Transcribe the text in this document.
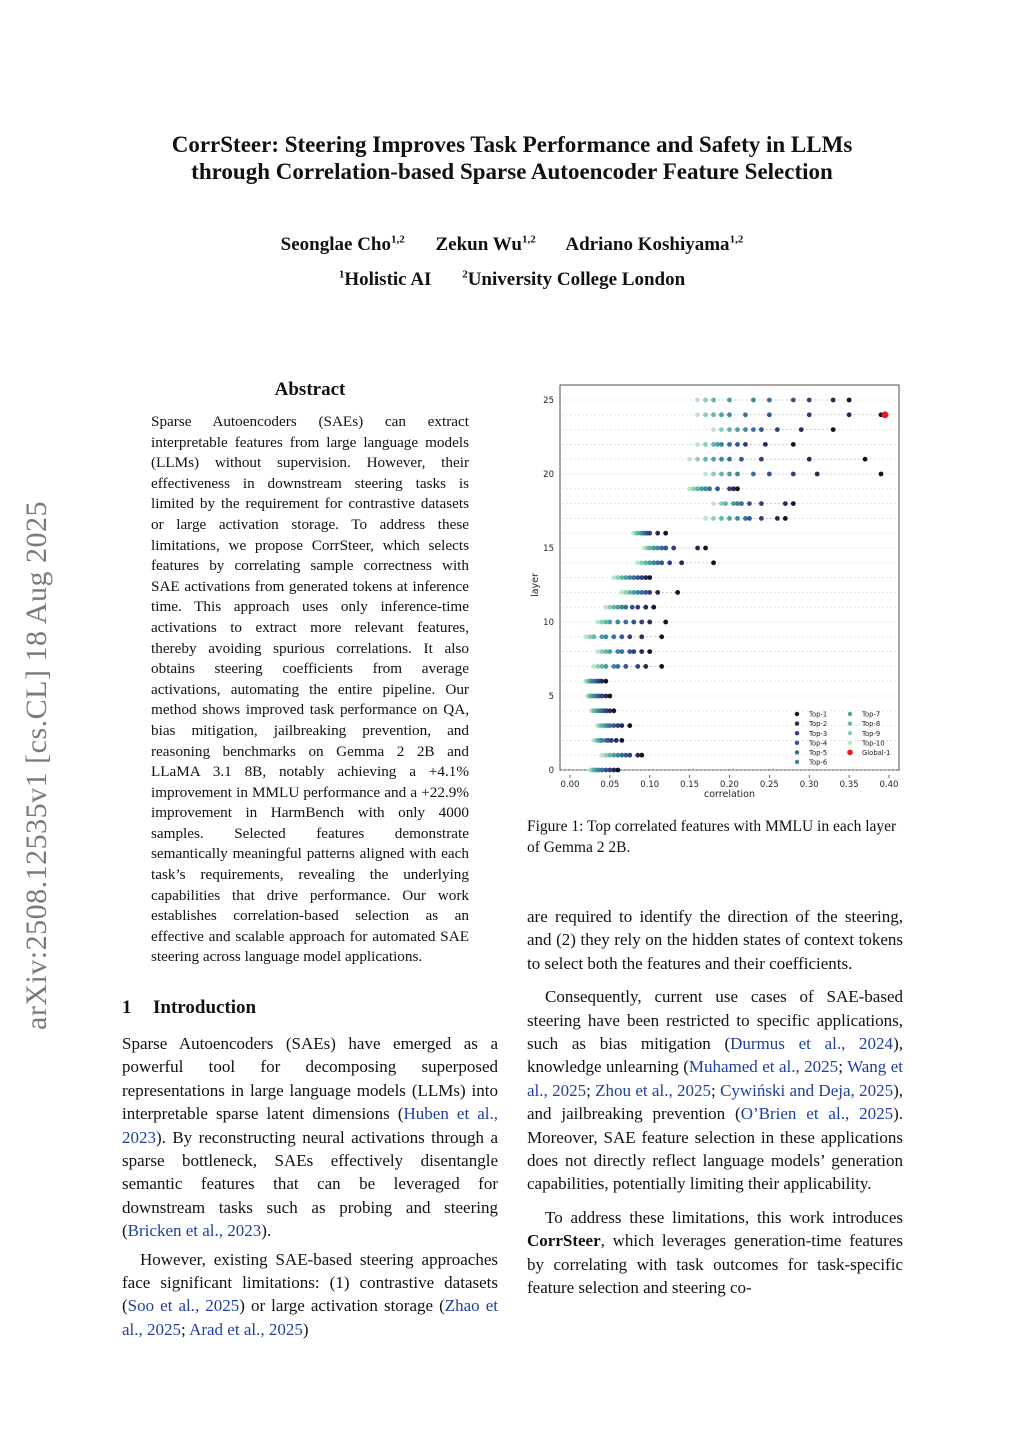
arXiv:2508.12535v1 [cs.CL] 18 Aug 2025
CorrSteer: Steering Improves Task Performance and Safety in LLMs
through Correlation-based Sparse Autoencoder Feature Selection
Seonglae Cho$^{1,2}$ Zekun Wu$^{1,2}$ Adriano Koshiyama$^{1,2}$
$^1$Holistic AI	$^2$University College London
Abstract
Sparse Autoencoders (SAEs) can extract interpretable features from large language models (LLMs) without supervision. However, their effectiveness in downstream steering tasks is limited by the requirement for contrastive datasets or large activation storage. To address these limitations, we propose CorrSteer, which selects features by correlating sample correctness with SAE activations from generated tokens at inference time. This approach uses only inference-time activations to extract more relevant features, thereby avoiding spurious correlations. It also obtains steering coefficients from average activations, automating the entire pipeline. Our method shows improved task performance on QA, bias mitigation, jailbreaking prevention, and reasoning benchmarks on Gemma 2 2B and LLaMA 3.1 8B, notably achieving a +4.1% improvement in MMLU performance and a +22.9% improvement in HarmBench with only 4000 samples. Selected features demonstrate semantically meaningful patterns aligned with each task’s requirements, revealing the underlying capabilities that drive performance. Our work establishes correlation-based selection as an effective and scalable approach for automated SAE steering across language model applications.
1 Introduction

Sparse Autoencoders (SAEs) have emerged as a powerful tool for decomposing superposed representations in large language models (LLMs) into interpretable sparse latent dimensions (Huben et al., 2023). By reconstructing neural activations through a sparse bottleneck, SAEs effectively disentangle semantic features that can be leveraged for downstream tasks such as probing and steering (Bricken et al., 2023).

However, existing SAE-based steering approaches face significant limitations: (1) contrastive datasets (Soo et al., 2025) or large activation storage (Zhao et al., 2025; Arad et al., 2025)

are required to identify the direction of the steering, and (2) they rely on the hidden states of context tokens to select both the features and their coefficients.

Consequently, current use cases of SAE-based steering have been restricted to specific applications, such as bias mitigation (Durmus et al., 2024), knowledge unlearning (Muhamed et al., 2025; Wang et al., 2025; Zhou et al., 2025; Cywiński and Deja, 2025), and jailbreaking prevention (O’Brien et al., 2025). Moreover, SAE feature selection in these applications does not directly reflect language models’ generation capabilities, potentially limiting their applicability.

To address these limitations, this work introduces CorrSteer, which leverages generation-time features by correlating with task outcomes for task-specific feature selection and steering co-

0.00 0.05 0.10 0.15 0.20 0.25 0.30 0.35 0.40
0
5
10
15
20
25
correlation
layer
Top-1
Top-2
Top-3
Top-4
Top-5
Top-6
Top-7
Top-8
Top-9
Top-10
Global-1
Figure 1: Top correlated features with MMLU in each layer of Gemma 2 2B.
